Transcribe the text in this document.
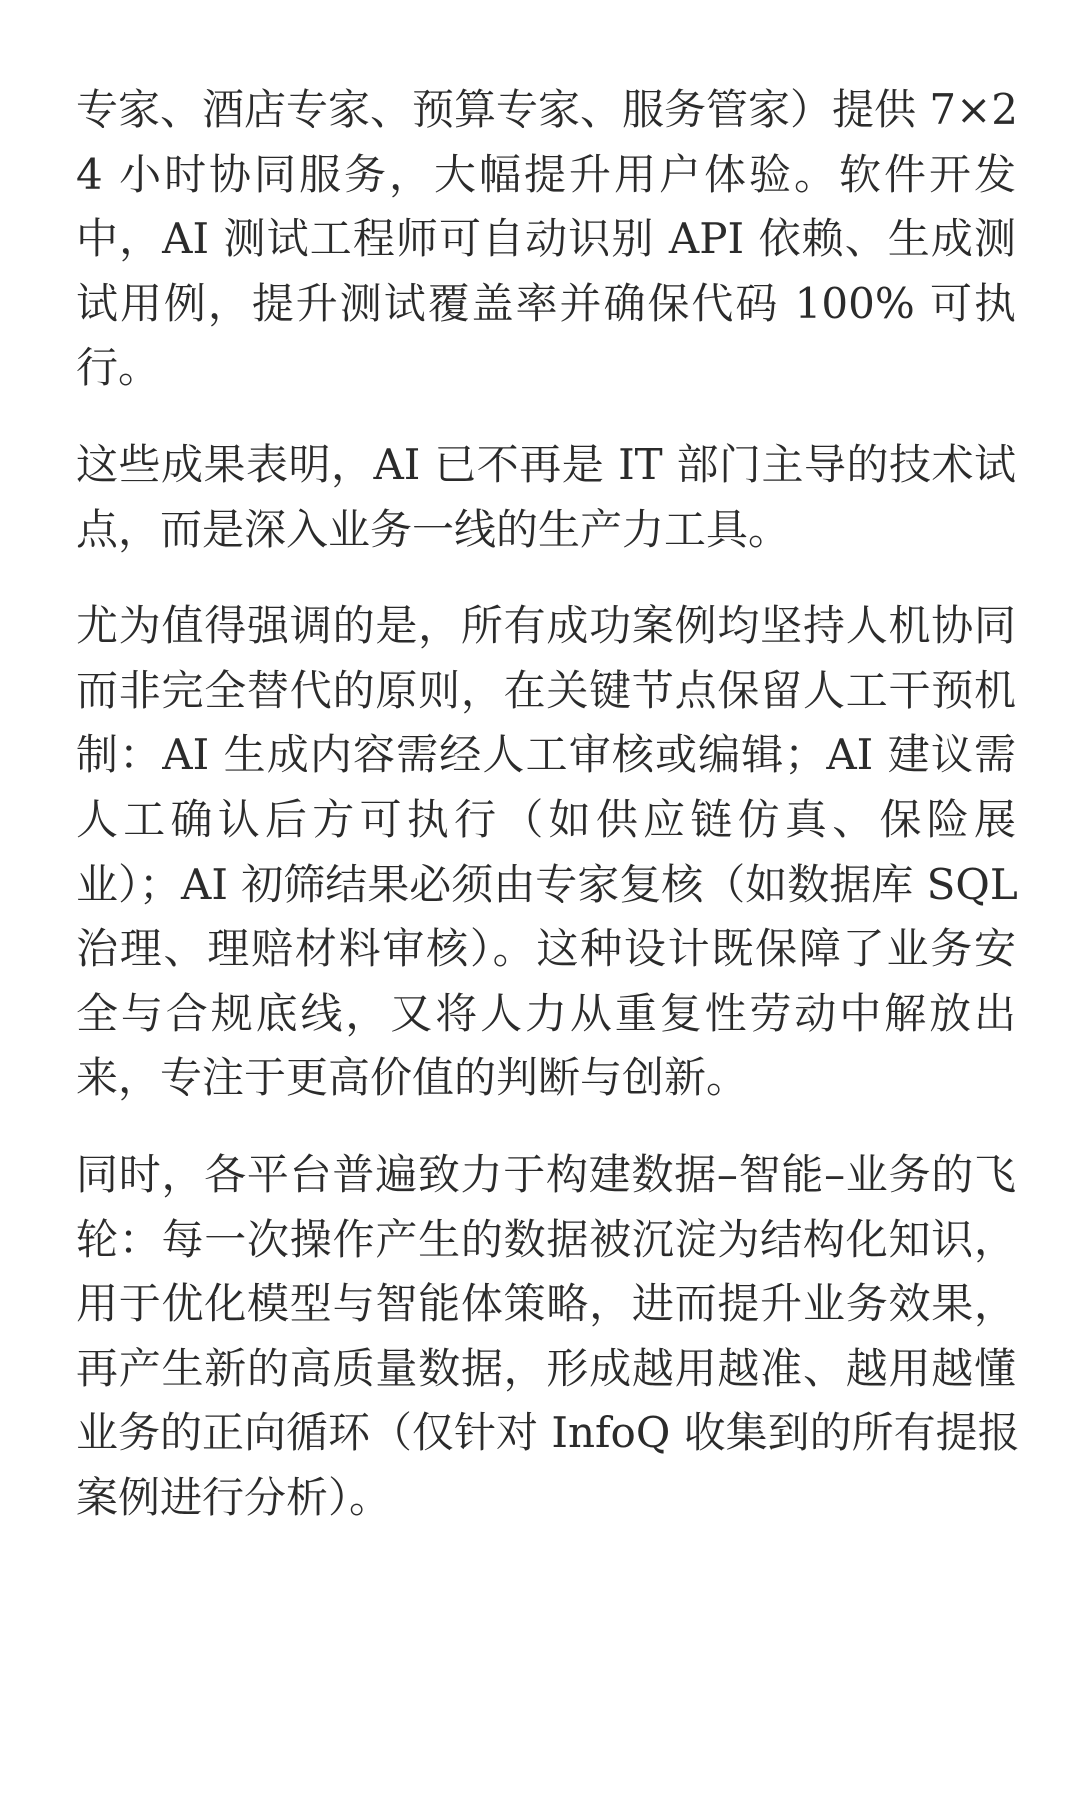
专家、酒店专家、预算专家、服务管家）提供 7×2
4 小时协同服务，大幅提升用户体验。软件开发
中，AI 测试工程师可自动识别 API 依赖、生成测
试用例，提升测试覆盖率并确保代码 100% 可执
行。

这些成果表明，AI 已不再是 IT 部门主导的技术试
点，而是深入业务一线的生产力工具。

尤为值得强调的是，所有成功案例均坚持人机协同
而非完全替代的原则，在关键节点保留人工干预机
制：AI 生成内容需经人工审核或编辑；AI 建议需
人工确认后方可执行（如供应链仿真、保险展
业）；AI 初筛结果必须由专家复核（如数据库 SQL
治理、理赔材料审核）。这种设计既保障了业务安
全与合规底线，又将人力从重复性劳动中解放出
来，专注于更高价值的判断与创新。

同时，各平台普遍致力于构建数据–智能–业务的飞
轮：每一次操作产生的数据被沉淀为结构化知识，
用于优化模型与智能体策略，进而提升业务效果，
再产生新的高质量数据，形成越用越准、越用越懂
业务的正向循环（仅针对 InfoQ 收集到的所有提报
案例进行分析）。
